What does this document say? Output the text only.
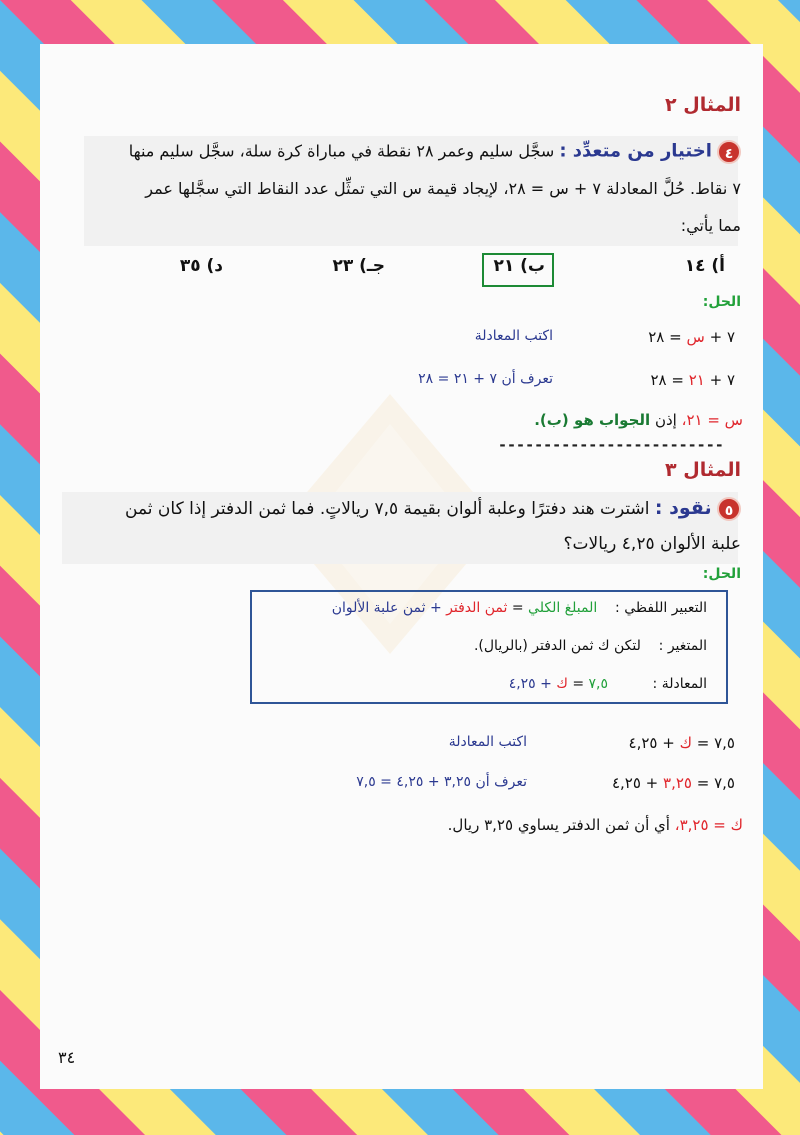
المثال ٢
٤ اختيار من متعدِّد : سجَّل سليم وعمر ٢٨ نقطة في مباراة كرة سلة، سجَّل سليم منها
٧ نقاط. حُلَّ المعادلة ٧ + س = ٢٨، لإيجاد قيمة س التي تمثِّل عدد النقاط التي سجَّلها عمر
مما يأتي:
أ) ١٤
ب) ٢١
جـ) ٢٣
د) ٣٥
الحل:
٧ + س = ٢٨
اكتب المعادلة
٧ + ٢١ = ٢٨
تعرف أن ٧ + ٢١ = ٢٨
س = ٢١، إذن الجواب هو (ب).
-------------------------
المثال ٣
٥ نقود : اشترت هند دفترًا وعلبة ألوان بقيمة ٧,٥ ريالاتٍ. فما ثمن الدفتر إذا كان ثمن
علبة الألوان ٤,٢٥ ريالات؟
الحل:
التعبير اللفظي :    المبلغ الكلي = ثمن الدفتر + ثمن علبة الألوان
المتغير :    لتكن ك ثمن الدفتر (بالريال).
المعادلة :          ٧,٥ = ك + ٤,٢٥
٧,٥ = ك + ٤,٢٥
اكتب المعادلة
٧,٥ = ٣,٢٥ + ٤,٢٥
تعرف أن ٣,٢٥ + ٤,٢٥ = ٧,٥
ك = ٣,٢٥، أي أن ثمن الدفتر يساوي ٣,٢٥ ريال.
٣٤
